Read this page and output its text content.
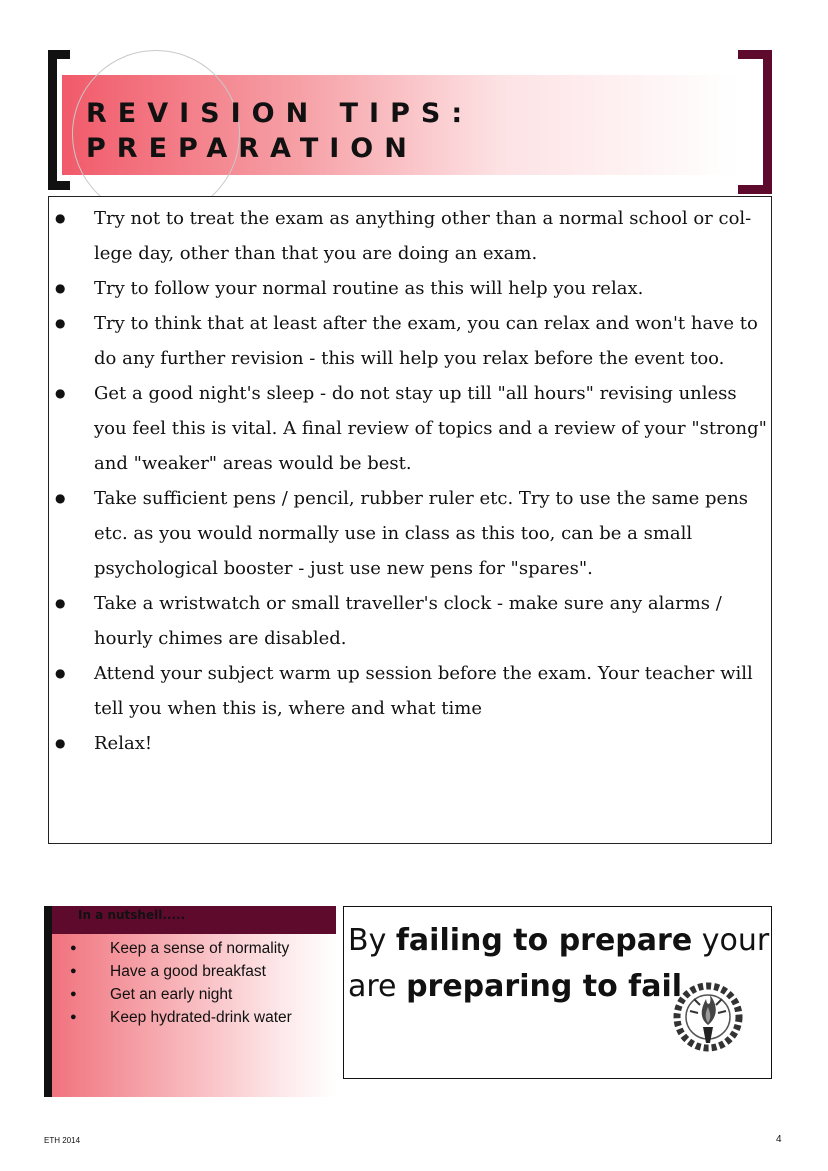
REVISION TIPS:
PREPARATION
● Try not to treat the exam as anything other than a normal school or col-lege day, other than that you are doing an exam.
● Try to follow your normal routine as this will help you relax.
● Try to think that at least after the exam, you can relax and won't have to do any further revision - this will help you relax before the event too.
● Get a good night's sleep - do not stay up till "all hours" revising unless you feel this is vital. A final review of topics and a review of your "strong" and "weaker" areas would be best.
● Take sufficient pens / pencil, rubber ruler etc. Try to use the same pens etc. as you would normally use in class as this too, can be a small psychological booster - just use new pens for "spares".
● Take a wristwatch or small traveller's clock - make sure any alarms / hourly chimes are disabled.
● Attend your subject warm up session before the exam. Your teacher will tell you when this is, where and what time
● Relax!
In a nutshell.....
● Keep a sense of normality
● Have a good breakfast
● Get an early night
● Keep hydrated-drink water
By failing to prepare your
are preparing to fail
ETH 2014	4
